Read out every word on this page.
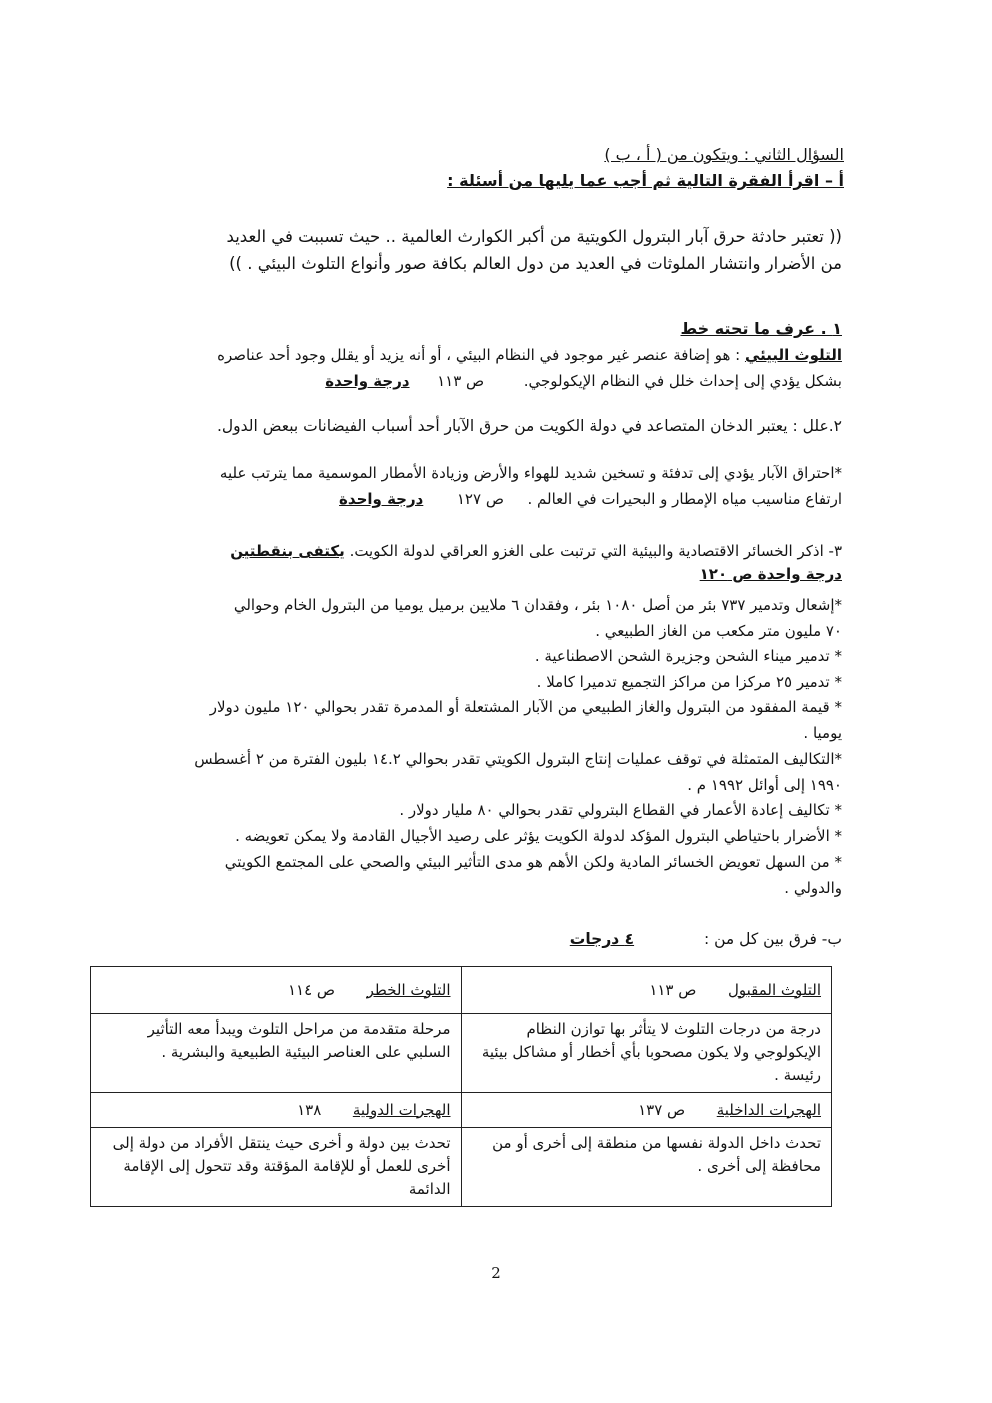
السؤال الثاني : ويتكون من ( أ ، ب )
أ – اقرأ الفقرة التالية ثم أجب عما يليها من أسئلة :
(( تعتبر حادثة حرق آبار البترول الكويتية من أكبر الكوارث العالمية .. حيث تسببت في العديد
من الأضرار وانتشار الملوثات في العديد من دول العالم بكافة صور وأنواع التلوث البيئي . ))
١ . عرف ما تحته خط
التلوث البيئي : هو إضافة عنصر غير موجود في النظام البيئي ، أو أنه يزيد أو يقلل وجود أحد عناصره
بشكل يؤدي إلى إحداث خلل في النظام الإيكولوجي.  ص ١١٣  درجة واحدة
٢.علل : يعتبر الدخان المتصاعد في دولة الكويت من حرق الآبار أحد أسباب الفيضانات ببعض الدول.
*احتراق الآبار يؤدي إلى تدفئة و تسخين شديد للهواء والأرض وزيادة الأمطار الموسمية مما يترتب عليه
ارتفاع مناسيب مياه الإمطار و البحيرات في العالم .  ص ١٢٧  درجة واحدة
٣- اذكر الخسائر الاقتصادية والبيئية التي ترتبت على الغزو العراقي لدولة الكويت. يكتفى بنقطتين
درجة واحدة ص ١٢٠
*إشعال وتدمير ٧٣٧ بئر من أصل ١٠٨٠ بئر ، وفقدان ٦ ملايين برميل يوميا من البترول الخام وحوالي
٧٠ مليون متر مكعب من الغاز الطبيعي .
* تدمير ميناء الشحن وجزيرة الشحن الاصطناعية .
* تدمير ٢٥ مركزا من مراكز التجميع تدميرا كاملا .
* قيمة المفقود من البترول والغاز الطبيعي من الآبار المشتعلة أو المدمرة تقدر بحوالي ١٢٠ مليون دولار
يوميا .
*التكاليف المتمثلة في توقف عمليات إنتاج البترول الكويتي تقدر بحوالي ١٤.٢ بليون الفترة من ٢ أغسطس
١٩٩٠ إلى أوائل ١٩٩٢ م .
* تكاليف إعادة الأعمار في القطاع البترولي تقدر بحوالي ٨٠ مليار دولار .
* الأضرار باحتياطي البترول المؤكد لدولة الكويت يؤثر على رصيد الأجيال القادمة ولا يمكن تعويضه .
* من السهل تعويض الخسائر المادية ولكن الأهم هو مدى التأثير البيئي والصحي على المجتمع الكويتي
والدولي .
ب- فرق بين كل من :  ٤ درجات
التلوث المقبول  ص ١١٣	التلوث الخطر  ص ١١٤
درجة من درجات التلوث لا يتأثر بها توازن النظام الإيكولوجي ولا يكون مصحوبا بأي أخطار أو مشاكل بيئية رئيسة .	مرحلة متقدمة من مراحل التلوث ويبدأ معه التأثير السلبي على العناصر البيئية الطبيعية والبشرية .
الهجرات الداخلية  ص ١٣٧	الهجرات الدولية  ١٣٨
تحدث داخل الدولة نفسها من منطقة إلى أخرى أو من محافظة إلى أخرى .	تحدث بين دولة و أخرى حيث ينتقل الأفراد من دولة إلى أخرى للعمل أو للإقامة المؤقتة وقد تتحول إلى الإقامة الدائمة
2
